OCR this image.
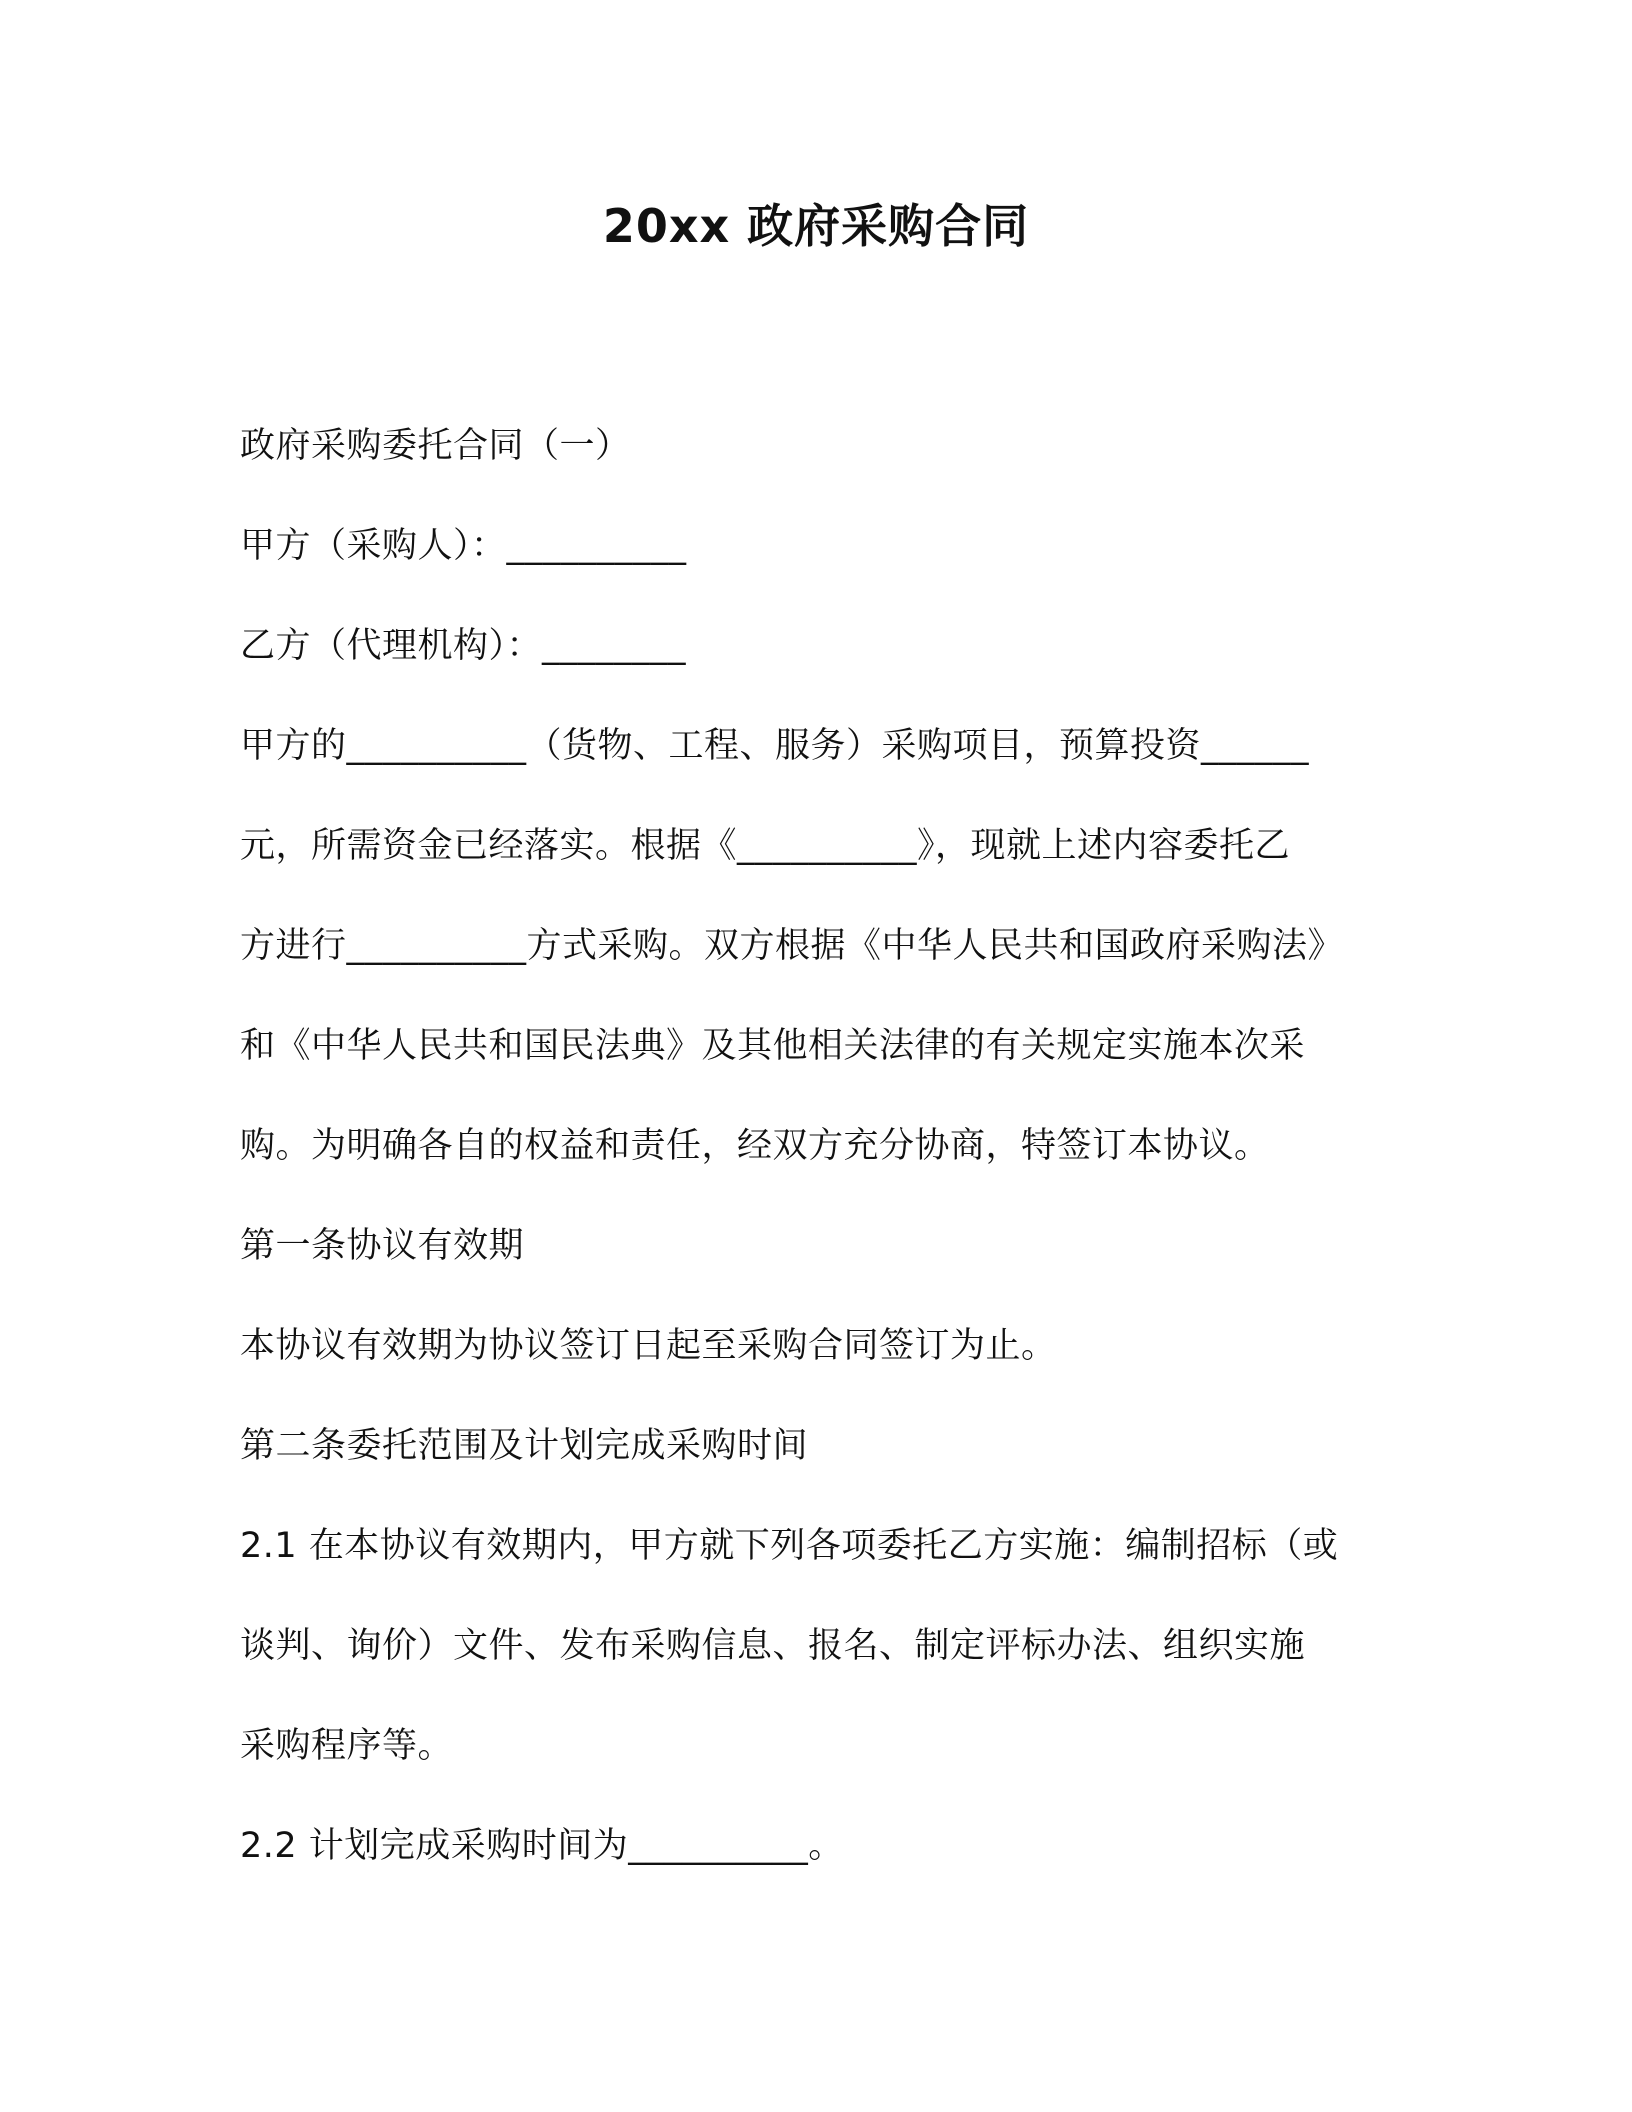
20xx 政府采购合同
政府采购委托合同（一）
甲方（采购人）：__________
乙方（代理机构）：________
甲方的__________（货物、工程、服务）采购项目，预算投资______
元，所需资金已经落实。根据《__________》，现就上述内容委托乙
方进行__________方式采购。双方根据《中华人民共和国政府采购法》
和《中华人民共和国民法典》及其他相关法律的有关规定实施本次采
购。为明确各自的权益和责任，经双方充分协商，特签订本协议。
第一条协议有效期
本协议有效期为协议签订日起至采购合同签订为止。
第二条委托范围及计划完成采购时间
2.1 在本协议有效期内，甲方就下列各项委托乙方实施：编制招标（或
谈判、询价）文件、发布采购信息、报名、制定评标办法、组织实施
采购程序等。
2.2 计划完成采购时间为__________。
